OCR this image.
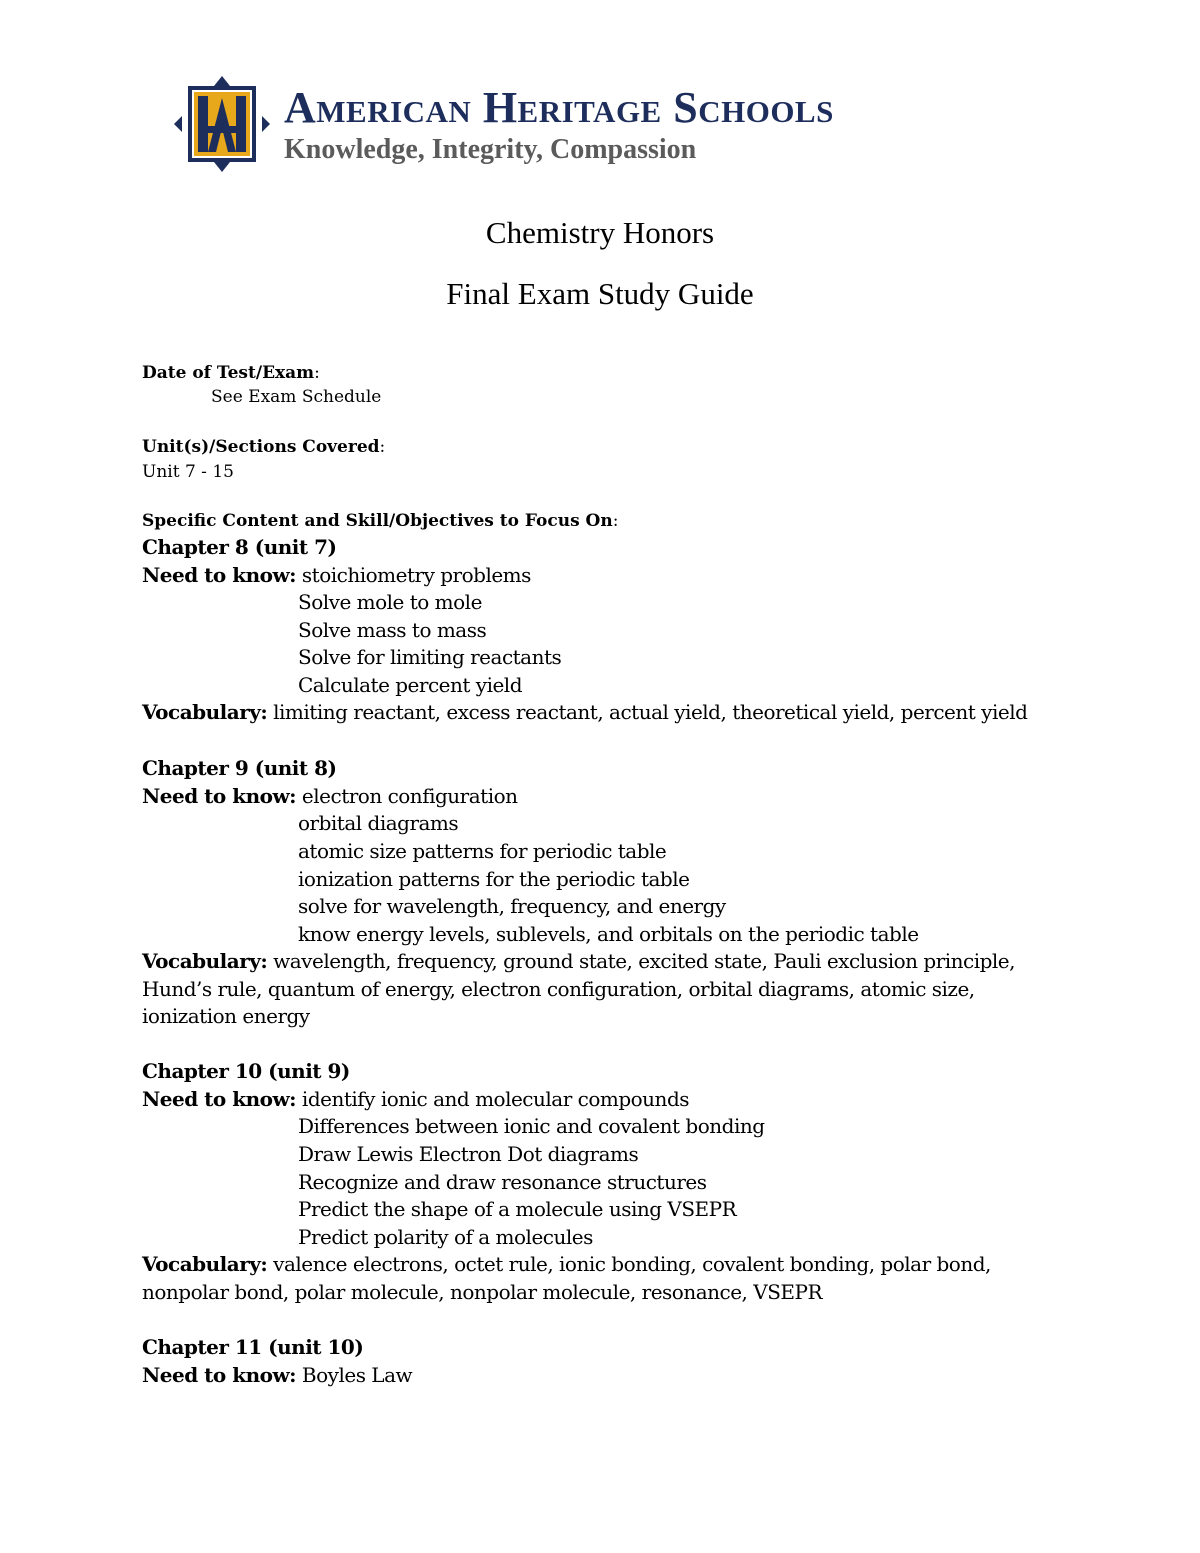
American Heritage Schools
Knowledge, Integrity, Compassion
Chemistry Honors
Final Exam Study Guide
Date of Test/Exam:
See Exam Schedule
Unit(s)/Sections Covered:
Unit 7 - 15
Specific Content and Skill/Objectives to Focus On:
Chapter 8 (unit 7)
Need to know: stoichiometry problems
Solve mole to mole
Solve mass to mass
Solve for limiting reactants
Calculate percent yield
Vocabulary: limiting reactant, excess reactant, actual yield, theoretical yield, percent yield
Chapter 9 (unit 8)
Need to know: electron configuration
orbital diagrams
atomic size patterns for periodic table
ionization patterns for the periodic table
solve for wavelength, frequency, and energy
know energy levels, sublevels, and orbitals on the periodic table
Vocabulary: wavelength, frequency, ground state, excited state, Pauli exclusion principle,
Hund’s rule, quantum of energy, electron configuration, orbital diagrams, atomic size,
ionization energy
Chapter 10 (unit 9)
Need to know: identify ionic and molecular compounds
Differences between ionic and covalent bonding
Draw Lewis Electron Dot diagrams
Recognize and draw resonance structures
Predict the shape of a molecule using VSEPR
Predict polarity of a molecules
Vocabulary: valence electrons, octet rule, ionic bonding, covalent bonding, polar bond,
nonpolar bond, polar molecule, nonpolar molecule, resonance, VSEPR
Chapter 11 (unit 10)
Need to know: Boyles Law
